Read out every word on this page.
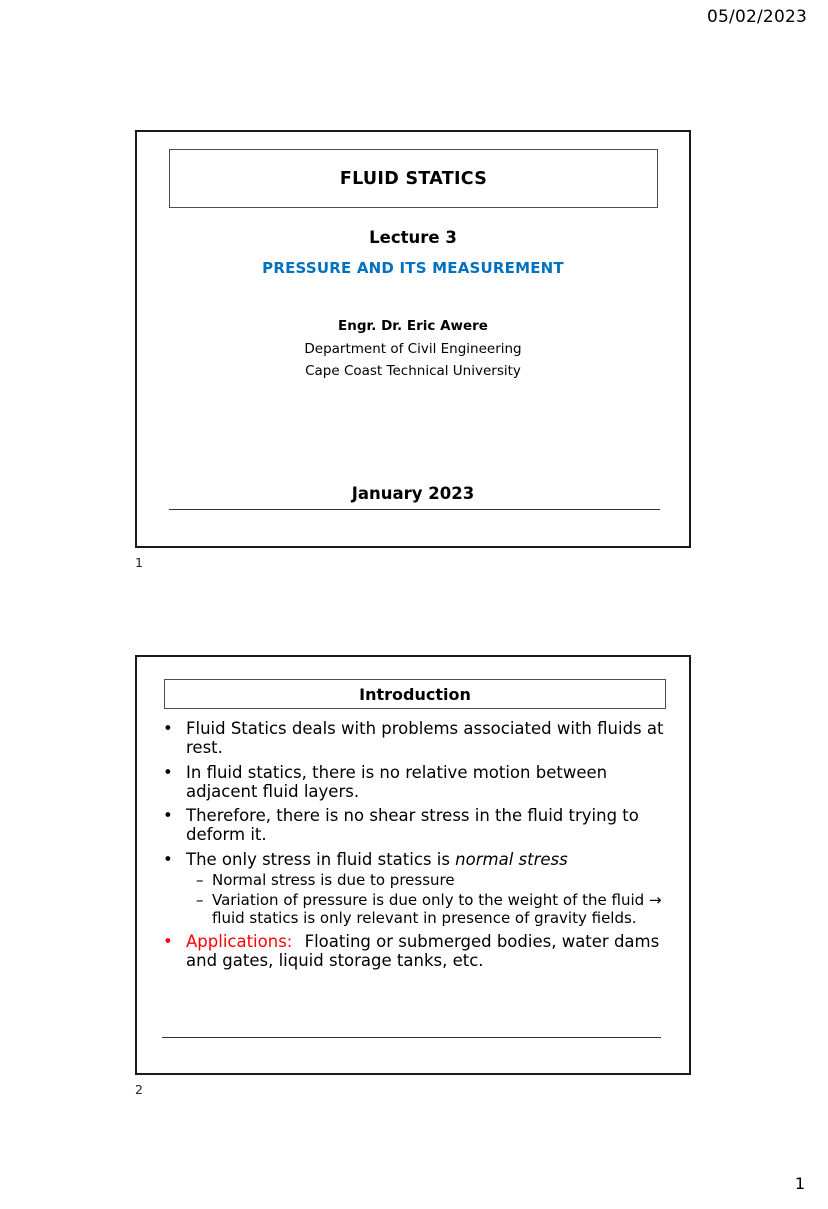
05/02/2023
FLUID STATICS
Lecture 3
PRESSURE AND ITS MEASUREMENT
Engr. Dr. Eric Awere
Department of Civil Engineering
Cape Coast Technical University
January 2023
1
Introduction
•
Fluid Statics deals with problems associated with fluids at rest.
•
In fluid statics, there is no relative motion between adjacent fluid layers.
•
Therefore, there is no shear stress in the fluid trying to deform it.
•
The only stress in fluid statics is normal stress
–
Normal stress is due to pressure
–
Variation of pressure is due only to the weight of the fluid → fluid statics is only relevant in presence of gravity fields.
•
Applications: Floating or submerged bodies, water dams and gates, liquid storage tanks, etc.
2
1
